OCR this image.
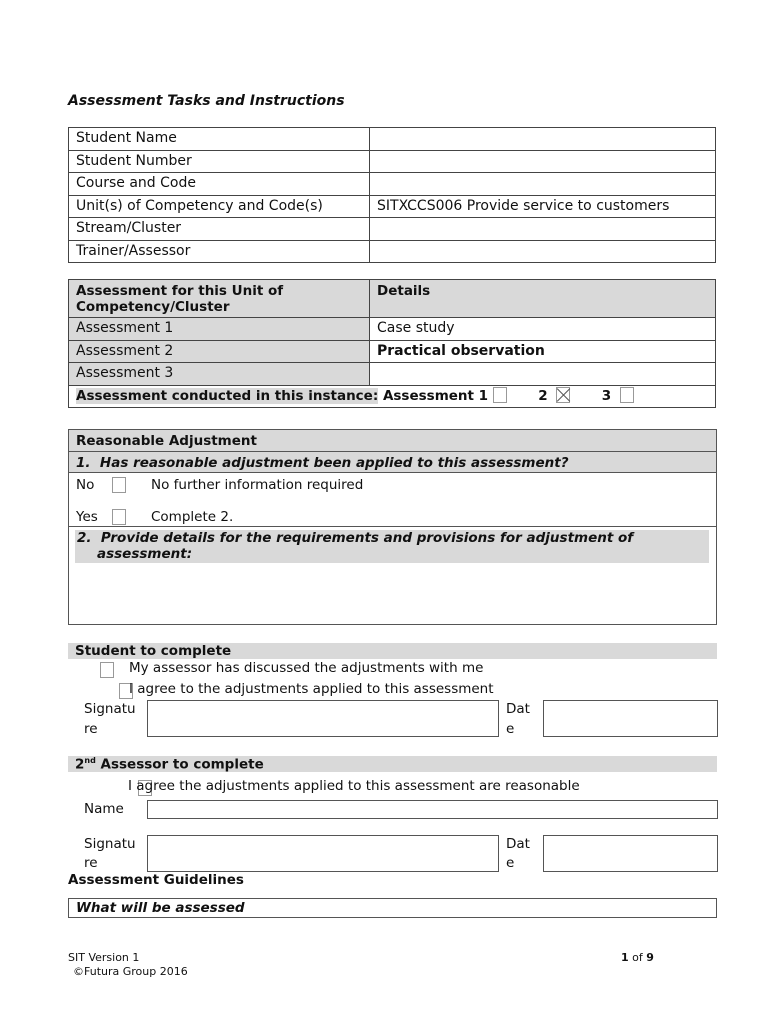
Assessment Tasks and Instructions
Student Name	
Student Number	
Course and Code	
Unit(s) of Competency and Code(s)	SITXCCS006 Provide service to customers
Stream/Cluster	
Trainer/Assessor	
Assessment for this Unit of Competency/Cluster	Details
Assessment 1	Case study
Assessment 2	Practical observation
Assessment 3	
Assessment conducted in this instance: Assessment 1 2 3	
Reasonable Adjustment
1.  Has reasonable adjustment been applied to this assessment?
No	No further information required
Yes	Complete 2.
2.  Provide details for the requirements and provisions for adjustment of
assessment:
Student to complete

My assessor has discussed the adjustments with me

I agree to the adjustments applied to this assessment
Signatu
re
Dat
e
2nd Assessor to complete
I agree the adjustments applied to this assessment are reasonable
Name
Signatu
re
Dat
e
Assessment Guidelines
What will be assessed
SIT Version 1
©Futura Group 2016
1 of 9
